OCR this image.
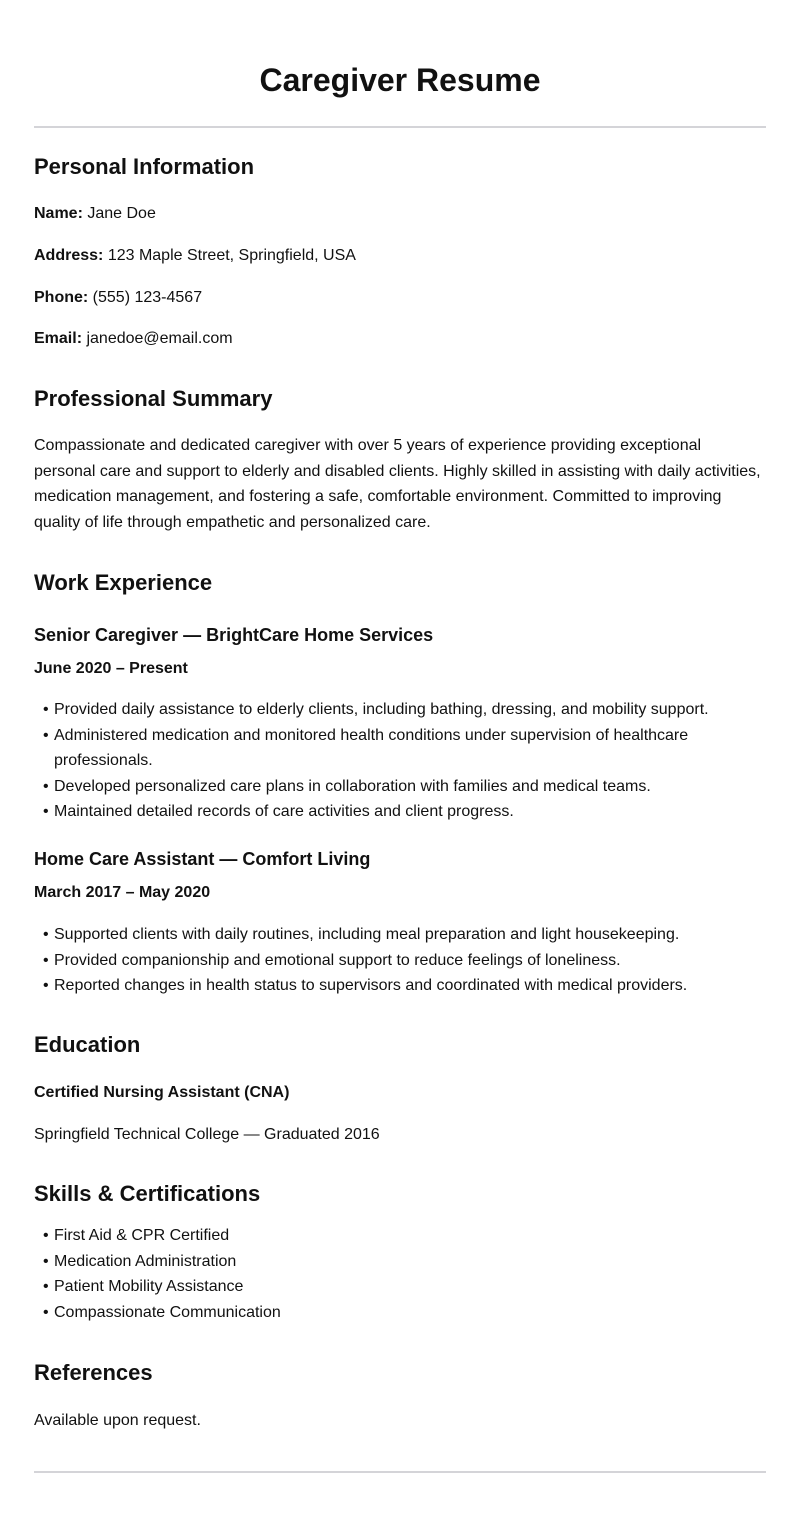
Caregiver Resume
Personal Information

Name: Jane Doe

Address: 123 Maple Street, Springfield, USA

Phone: (555) 123-4567

Email: janedoe@email.com

Professional Summary

Compassionate and dedicated caregiver with over 5 years of experience providing exceptional personal care and support to elderly and disabled clients. Highly skilled in assisting with daily activities, medication management, and fostering a safe, comfortable environment. Committed to improving quality of life through empathetic and personalized care.

Work Experience
Senior Caregiver — BrightCare Home Services

June 2020 – Present

• Provided daily assistance to elderly clients, including bathing, dressing, and mobility support.
• Administered medication and monitored health conditions under supervision of healthcare professionals.
• Developed personalized care plans in collaboration with families and medical teams.
• Maintained detailed records of care activities and client progress.
Home Care Assistant — Comfort Living

March 2017 – May 2020

• Supported clients with daily routines, including meal preparation and light housekeeping.
• Provided companionship and emotional support to reduce feelings of loneliness.
• Reported changes in health status to supervisors and coordinated with medical providers.
Education

Certified Nursing Assistant (CNA)

Springfield Technical College — Graduated 2016

Skills & Certifications
• First Aid & CPR Certified
• Medication Administration
• Patient Mobility Assistance
• Compassionate Communication
References

Available upon request.
